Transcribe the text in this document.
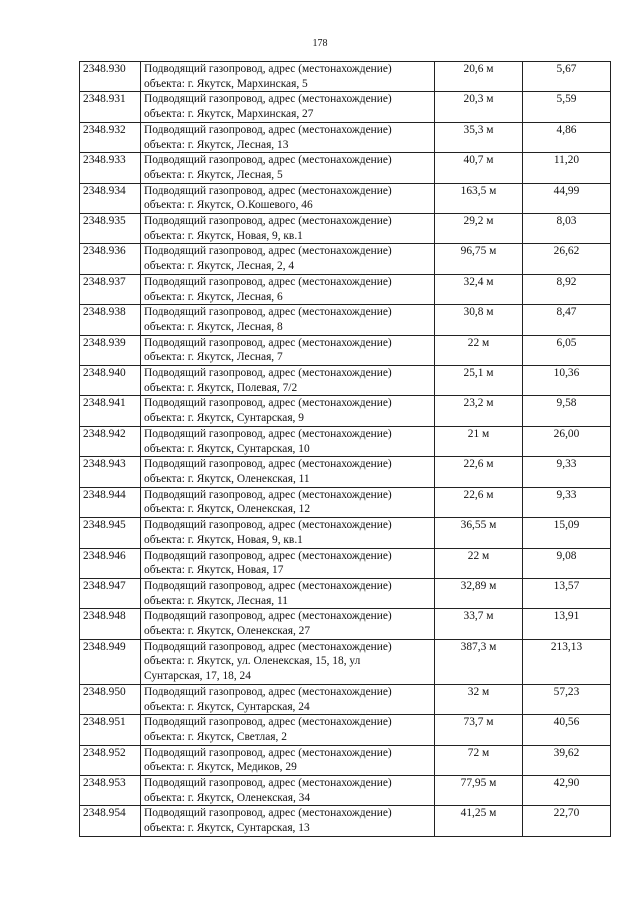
178
2348.930	Подводящий газопровод, адрес (местонахождение)
объекта: г. Якутск, Мархинская, 5	20,6 м	5,67
2348.931	Подводящий газопровод, адрес (местонахождение)
объекта: г. Якутск, Мархинская, 27	20,3 м	5,59
2348.932	Подводящий газопровод, адрес (местонахождение)
объекта: г. Якутск, Лесная, 13	35,3 м	4,86
2348.933	Подводящий газопровод, адрес (местонахождение)
объекта: г. Якутск, Лесная, 5	40,7 м	11,20
2348.934	Подводящий газопровод, адрес (местонахождение)
объекта: г. Якутск, О.Кошевого, 46	163,5 м	44,99
2348.935	Подводящий газопровод, адрес (местонахождение)
объекта: г. Якутск, Новая, 9, кв.1	29,2 м	8,03
2348.936	Подводящий газопровод, адрес (местонахождение)
объекта: г. Якутск, Лесная, 2, 4	96,75 м	26,62
2348.937	Подводящий газопровод, адрес (местонахождение)
объекта: г. Якутск, Лесная, 6	32,4 м	8,92
2348.938	Подводящий газопровод, адрес (местонахождение)
объекта: г. Якутск, Лесная, 8	30,8 м	8,47
2348.939	Подводящий газопровод, адрес (местонахождение)
объекта: г. Якутск, Лесная, 7	22 м	6,05
2348.940	Подводящий газопровод, адрес (местонахождение)
объекта: г. Якутск, Полевая, 7/2	25,1 м	10,36
2348.941	Подводящий газопровод, адрес (местонахождение)
объекта: г. Якутск, Сунтарская, 9	23,2 м	9,58
2348.942	Подводящий газопровод, адрес (местонахождение)
объекта: г. Якутск, Сунтарская, 10	21 м	26,00
2348.943	Подводящий газопровод, адрес (местонахождение)
объекта: г. Якутск, Оленекская, 11	22,6 м	9,33
2348.944	Подводящий газопровод, адрес (местонахождение)
объекта: г. Якутск, Оленекская, 12	22,6 м	9,33
2348.945	Подводящий газопровод, адрес (местонахождение)
объекта: г. Якутск, Новая, 9, кв.1	36,55 м	15,09
2348.946	Подводящий газопровод, адрес (местонахождение)
объекта: г. Якутск, Новая, 17	22 м	9,08
2348.947	Подводящий газопровод, адрес (местонахождение)
объекта: г. Якутск, Лесная, 11	32,89 м	13,57
2348.948	Подводящий газопровод, адрес (местонахождение)
объекта: г. Якутск, Оленекская, 27	33,7 м	13,91
2348.949	Подводящий газопровод, адрес (местонахождение)
объекта: г. Якутск, ул. Оленекская, 15, 18, ул
Сунтарская, 17, 18, 24	387,3 м	213,13
2348.950	Подводящий газопровод, адрес (местонахождение)
объекта: г. Якутск, Сунтарская, 24	32 м	57,23
2348.951	Подводящий газопровод, адрес (местонахождение)
объекта: г. Якутск, Светлая, 2	73,7 м	40,56
2348.952	Подводящий газопровод, адрес (местонахождение)
объекта: г. Якутск, Медиков, 29	72 м	39,62
2348.953	Подводящий газопровод, адрес (местонахождение)
объекта: г. Якутск, Оленекская, 34	77,95 м	42,90
2348.954	Подводящий газопровод, адрес (местонахождение)
объекта: г. Якутск, Сунтарская, 13	41,25 м	22,70
